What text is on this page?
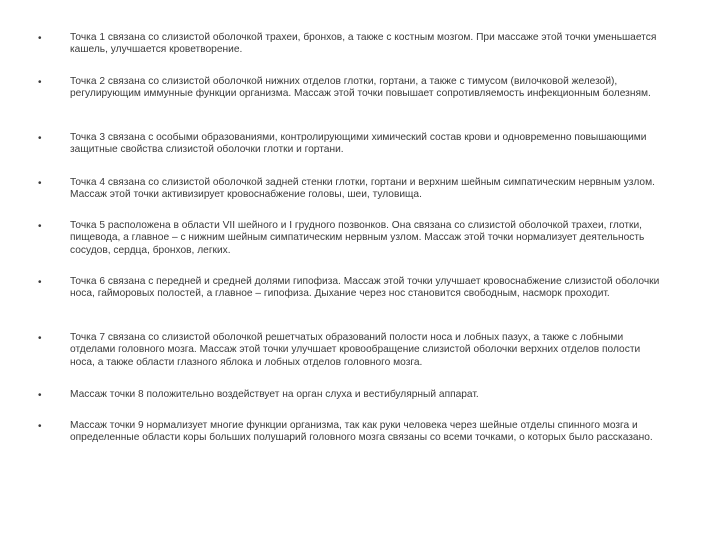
•	Точка 1 связана со слизистой оболочкой трахеи, бронхов, а также с костным мозгом. При массаже этой точки уменьшается кашель, улучшается кроветворение.
•	Точка 2 связана со слизистой оболочкой нижних отделов глотки, гортани, а также с тимусом (вилочковой железой), регулирующим иммунные функции организма. Массаж этой точки повышает сопротивляемость инфекционным болезням.
•	Точка 3 связана с особыми образованиями, контролирующими химический состав крови и одновременно повышающими защитные свойства слизистой оболочки глотки и гортани.
•	Точка 4 связана со слизистой оболочкой задней стенки глотки, гортани и верхним шейным симпатическим нервным узлом. Массаж этой точки активизирует кровоснабжение головы, шеи, туловища.
•	Точка 5 расположена в области VII шейного и I грудного позвонков. Она связана со слизистой оболочкой трахеи, глотки, пищевода, а главное – с нижним шейным симпатическим нервным узлом. Массаж этой точки нормализует деятельность сосудов, сердца, бронхов, легких.
•	Точка 6 связана с передней и средней долями гипофиза. Массаж этой точки улучшает кровоснабжение слизистой оболочки носа, гайморовых полостей, а главное – гипофиза. Дыхание через нос становится свободным, насморк проходит.
•	Точка 7 связана со слизистой оболочкой решетчатых образований полости носа и лобных пазух, а также с лобными отделами головного мозга. Массаж этой точки улучшает кровообращение слизистой оболочки верхних отделов полости носа, а также области глазного яблока и лобных отделов головного мозга.
•	Массаж точки 8 положительно воздействует на орган слуха и вестибулярный аппарат.
•	Массаж точки 9 нормализует многие функции организма, так как руки человека через шейные отделы спинного мозга и определенные области коры больших полушарий головного мозга связаны со всеми точками, о которых было рассказано.
